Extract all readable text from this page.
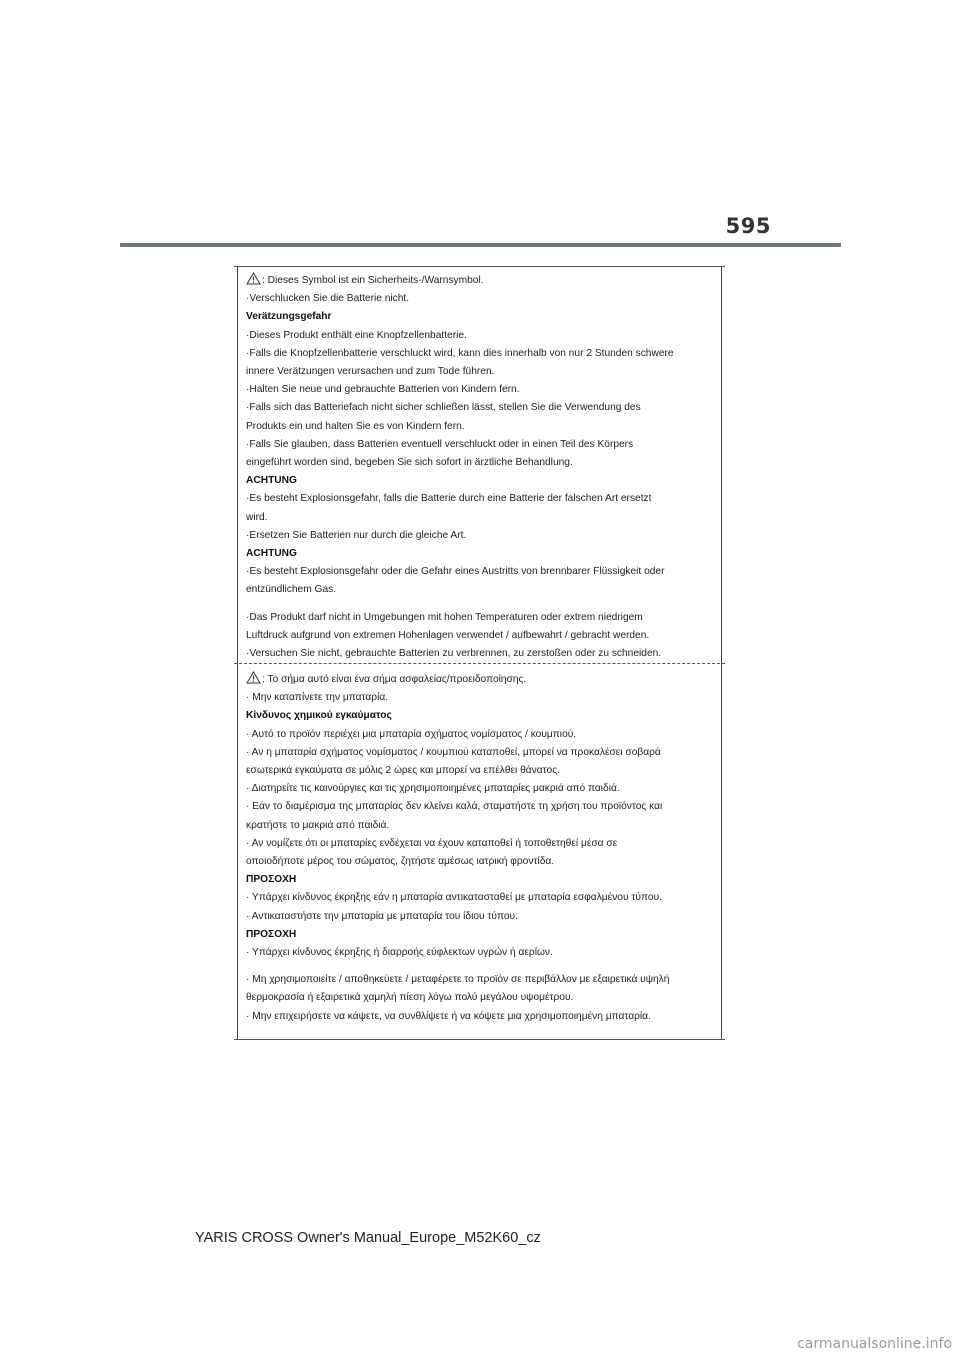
595
: Dieses Symbol ist ein Sicherheits-/Warnsymbol.
·Verschlucken Sie die Batterie nicht.
Verätzungsgefahr
·Dieses Produkt enthält eine Knopfzellenbatterie.
·Falls die Knopfzellenbatterie verschluckt wird, kann dies innerhalb von nur 2 Stunden schwere
innere Verätzungen verursachen und zum Tode führen.
·Halten Sie neue und gebrauchte Batterien von Kindern fern.
·Falls sich das Batteriefach nicht sicher schließen lässt, stellen Sie die Verwendung des
Produkts ein und halten Sie es von Kindern fern.
·Falls Sie glauben, dass Batterien eventuell verschluckt oder in einen Teil des Körpers
eingeführt worden sind, begeben Sie sich sofort in ärztliche Behandlung.
ACHTUNG
·Es besteht Explosionsgefahr, falls die Batterie durch eine Batterie der falschen Art ersetzt
wird.
·Ersetzen Sie Batterien nur durch die gleiche Art.
ACHTUNG
·Es besteht Explosionsgefahr oder die Gefahr eines Austritts von brennbarer Flüssigkeit oder
entzündlichem Gas.
·Das Produkt darf nicht in Umgebungen mit hohen Temperaturen oder extrem niedrigem
Luftdruck aufgrund von extremen Hohenlagen verwendet / aufbewahrt / gebracht werden.
·Versuchen Sie nicht, gebrauchte Batterien zu verbrennen, zu zerstoßen oder zu schneiden.
: Το σήμα αυτό είναι ένα σήμα ασφαλείας/προειδοποίησης.
· Μην καταπίνετε την μπαταρία.
Κίνδυνος χημικού εγκαύματος
· Αυτό το προϊόν περιέχει μια μπαταρία σχήματος νομίσματος / κουμπιού.
· Αν η μπαταρία σχήματος νομίσματος / κουμπιού καταποθεί, μπορεί να προκαλέσει σοβαρά
εσωτερικά εγκαύματα σε μόλις 2 ώρες και μπορεί να επέλθει θάνατος.
· Διατηρείτε τις καινούργιες και τις χρησιμοποιημένες μπαταρίες μακριά από παιδιά.
· Εάν το διαμέρισμα της μπαταρίας δεν κλείνει καλά, σταματήστε τη χρήση του προϊόντος και
κρατήστε το μακριά από παιδιά.
· Αν νομίζετε ότι οι μπαταρίες ενδέχεται να έχουν καταποθεί ή τοποθετηθεί μέσα σε
οποιοδήποτε μέρος του σώματος, ζητήστε αμέσως ιατρική φροντίδα.
ΠΡΟΣΟΧΗ
· Υπάρχει κίνδυνος έκρηξης εάν η μπαταρία αντικατασταθεί με μπαταρία εσφαλμένου τύπου.
· Αντικαταστήστε την μπαταρία με μπαταρία του ίδιου τύπου.
ΠΡΟΣΟΧΗ
· Υπάρχει κίνδυνος έκρηξης ή διαρροής εύφλεκτων υγρών ή αερίων.
· Μη χρησιμοποιείτε / αποθηκεύετε / μεταφέρετε το προϊόν σε περιβάλλον με εξαιρετικά υψηλή
θερμοκρασία ή εξαιρετικά χαμηλή πίεση λόγω πολύ μεγάλου υψομέτρου.
· Μην επιχειρήσετε να κάψετε, να συνθλίψετε ή να κόψετε μια χρησιμοποιημένη μπαταρία.
YARIS CROSS Owner's Manual_Europe_M52K60_cz
carmanualsonline.info
